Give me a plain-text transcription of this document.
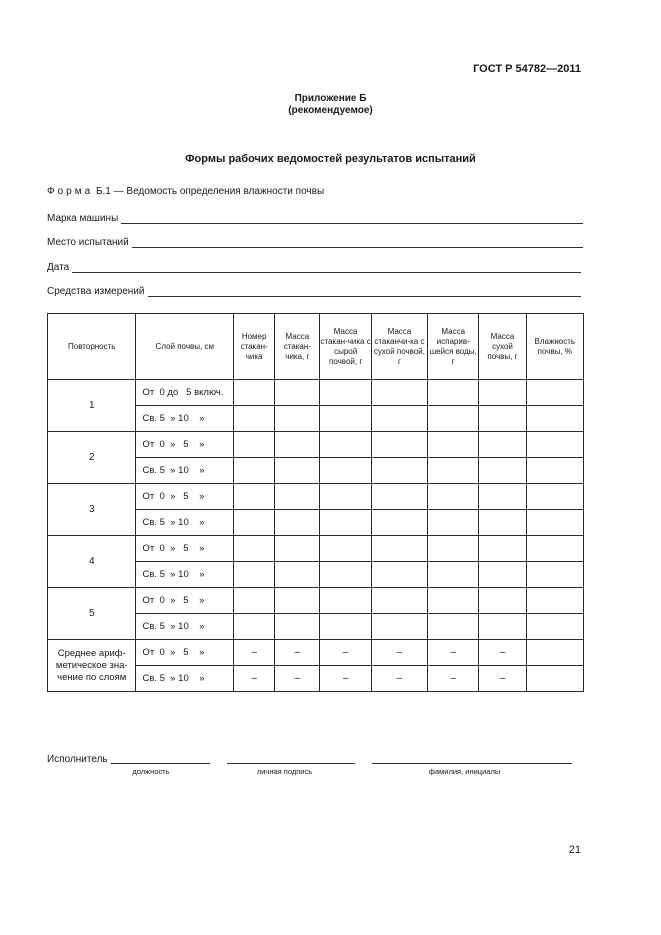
ГОСТ Р 54782—2011
Приложение Б
(рекомендуемое)
Формы рабочих ведомостей результатов испытаний
Форма Б.1 — Ведомость определения влажности почвы
Марка машины
Место испытаний
Дата
Средства измерений
Повторность	Слой почвы, см	Номер стакан-чика	Масса стакан-чика, г	Масса стакан-чика с сырой почвой, г	Масса стаканчи-ка с сухой почвой, г	Масса испарив-шейся воды, г	Масса сухой почвы, г	Влажность почвы, %
1	От  0 до   5 включ.							
	Св. 5  » 10    »							
2	От  0  »   5    »							
	Св. 5  » 10    »							
3	От  0  »   5    »							
	Св. 5  » 10    »							
4	От  0  »   5    »							
	Св. 5  » 10    »							
5	От  0  »   5    »							
	Св. 5  » 10    »							
Среднее ариф-метическое зна-чение по слоям	От  0  »   5    »	–	–	–	–	–	–	
	Св. 5  » 10    »	–	–	–	–	–	–	
Исполнитель
должность	личная подпись	фамилия, инициалы
21
